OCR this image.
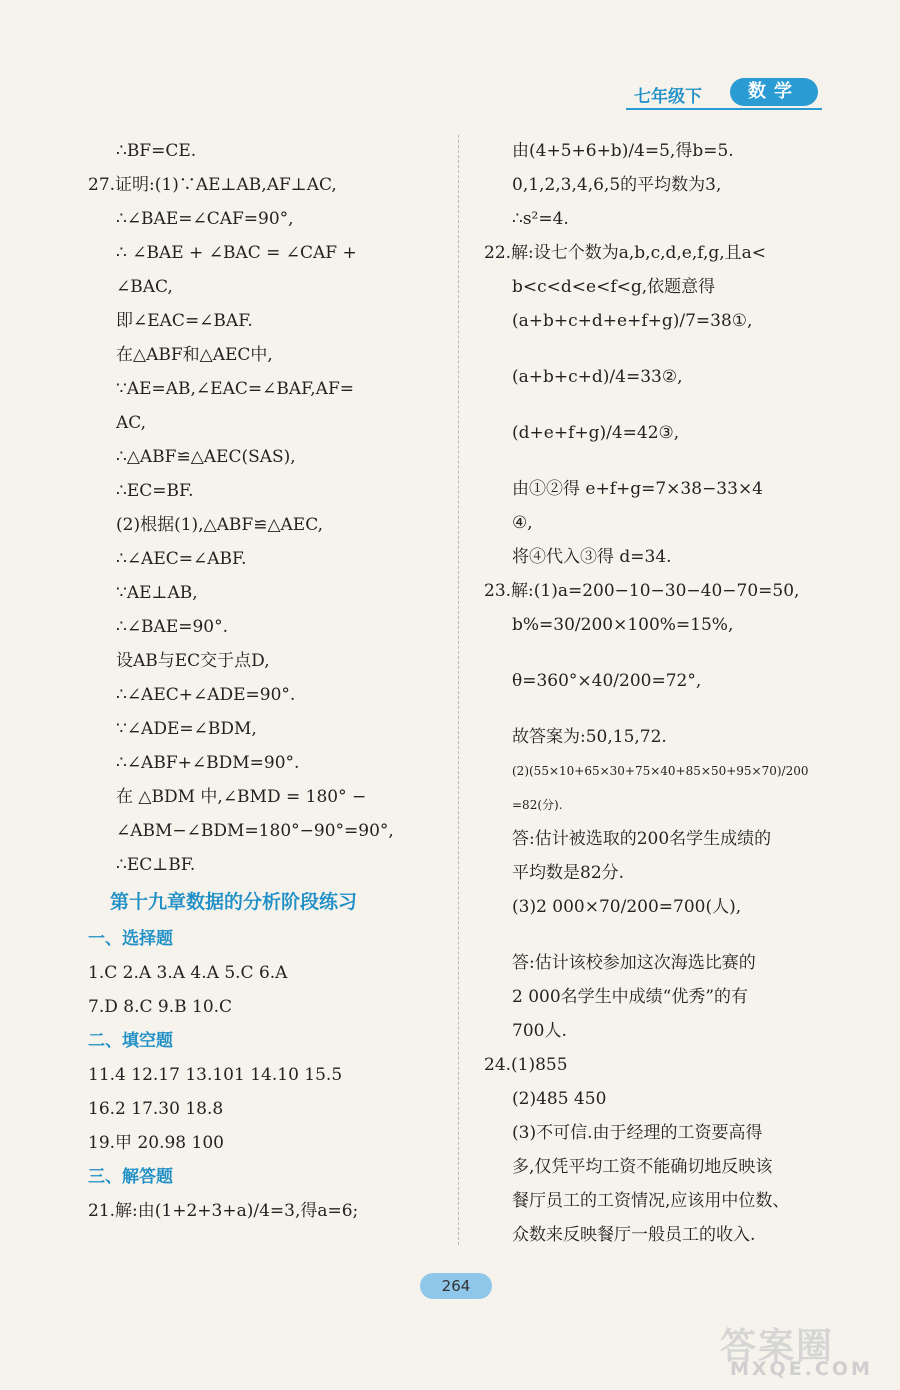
七年级下	数学
∴BF=CE.
27.证明:(1)∵AE⊥AB,AF⊥AC,
∴∠BAE=∠CAF=90°,
∴ ∠BAE + ∠BAC = ∠CAF +
∠BAC,
即∠EAC=∠BAF.
在△ABF和△AEC中,
∵AE=AB,∠EAC=∠BAF,AF=
AC,
∴△ABF≌△AEC(SAS),
∴EC=BF.
(2)根据(1),△ABF≌△AEC,
∴∠AEC=∠ABF.
∵AE⊥AB,
∴∠BAE=90°.
设AB与EC交于点D,
∴∠AEC+∠ADE=90°.
∵∠ADE=∠BDM,
∴∠ABF+∠BDM=90°.
在 △BDM 中,∠BMD = 180° −
∠ABM−∠BDM=180°−90°=90°,
∴EC⊥BF.
第十九章数据的分析阶段练习
一、选择题
1.C 2.A 3.A 4.A 5.C 6.A
7.D 8.C 9.B 10.C
二、填空题
11.4 12.17 13.101 14.10 15.5
16.2 17.30 18.8
19.甲 20.98 100
三、解答题
21.解:由(1+2+3+a)/4=3,得a=6;
由(4+5+6+b)/4=5,得b=5.
0,1,2,3,4,6,5的平均数为3,
∴s²=4.
22.解:设七个数为a,b,c,d,e,f,g,且a<
b<c<d<e<f<g,依题意得
(a+b+c+d+e+f+g)/7=38①,
(a+b+c+d)/4=33②,
(d+e+f+g)/4=42③,
由①②得 e+f+g=7×38−33×4
④,
将④代入③得 d=34.
23.解:(1)a=200−10−30−40−70=50,
b%=30/200×100%=15%,
θ=360°×40/200=72°,
故答案为:50,15,72.
(2)(55×10+65×30+75×40+85×50+95×70)/200
=82(分).
答:估计被选取的200名学生成绩的
平均数是82分.
(3)2 000×70/200=700(人),
答:估计该校参加这次海选比赛的
2 000名学生中成绩“优秀”的有
700人.
24.(1)855
(2)485 450
(3)不可信.由于经理的工资要高得
多,仅凭平均工资不能确切地反映该
餐厅员工的工资情况,应该用中位数、
众数来反映餐厅一般员工的收入.
264
答案圈
MXQE.COM
